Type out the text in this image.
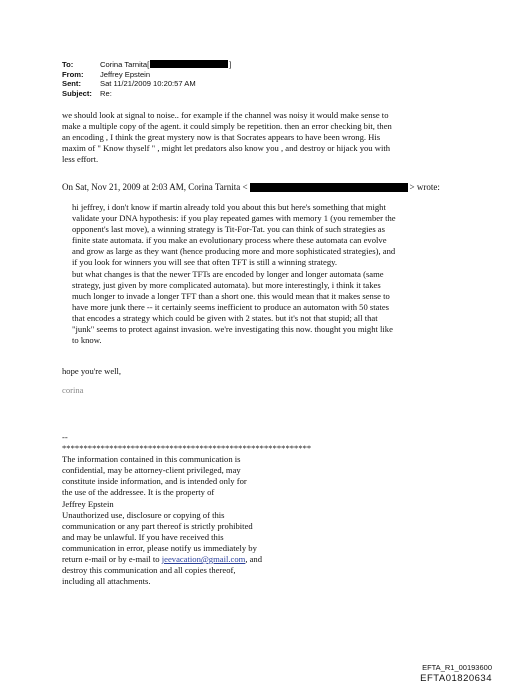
To:	Corina Tarnita[	]
From:	Jeffrey Epstein
Sent:	Sat 11/21/2009 10:20:57 AM
Subject:	Re:
we should look at signal to noise.. for example if the channel was noisy it would make sense to
make a multiple copy of the agent. it could simply be repetition. then an error checking bit, then
an encoding , I think the great mystery now is that Socrates appears to have been wrong. His
maxim of " Know thyself " , might let predators also know you , and destroy or hijack you with
less effort.
On Sat, Nov 21, 2009 at 2:03 AM, Corina Tarnita <	> wrote:
hi jeffrey, i don't know if martin already told you about this but here's something that might
validate your DNA hypothesis: if you play repeated games with memory 1 (you remember the
opponent's last move), a winning strategy is Tit-For-Tat. you can think of such strategies as
finite state automata. if you make an evolutionary process where these automata can evolve
and grow as large as they want (hence producing more and more sophisticated strategies), and
if you look for winners you will see that often TFT is still a winning strategy.
but what changes is that the newer TFTs are encoded by longer and longer automata (same
strategy, just given by more complicated automata). but more interestingly, i think it takes
much longer to invade a longer TFT than a short one. this would mean that it makes sense to
have more junk there -- it certainly seems inefficient to produce an automaton with 50 states
that encodes a strategy which could be given with 2 states. but it's not that stupid; all that
"junk" seems to protect against invasion. we're investigating this now. thought you might like
to know.
hope you're well,
corina
--
**********************************************************
The information contained in this communication is
confidential, may be attorney-client privileged, may
constitute inside information, and is intended only for
the use of the addressee. It is the property of
Jeffrey Epstein
Unauthorized use, disclosure or copying of this
communication or any part thereof is strictly prohibited
and may be unlawful. If you have received this
communication in error, please notify us immediately by
return e-mail or by e-mail to jeevacation@gmail.com, and
destroy this communication and all copies thereof,
including all attachments.
EFTA_R1_00193600
EFTA01820634
